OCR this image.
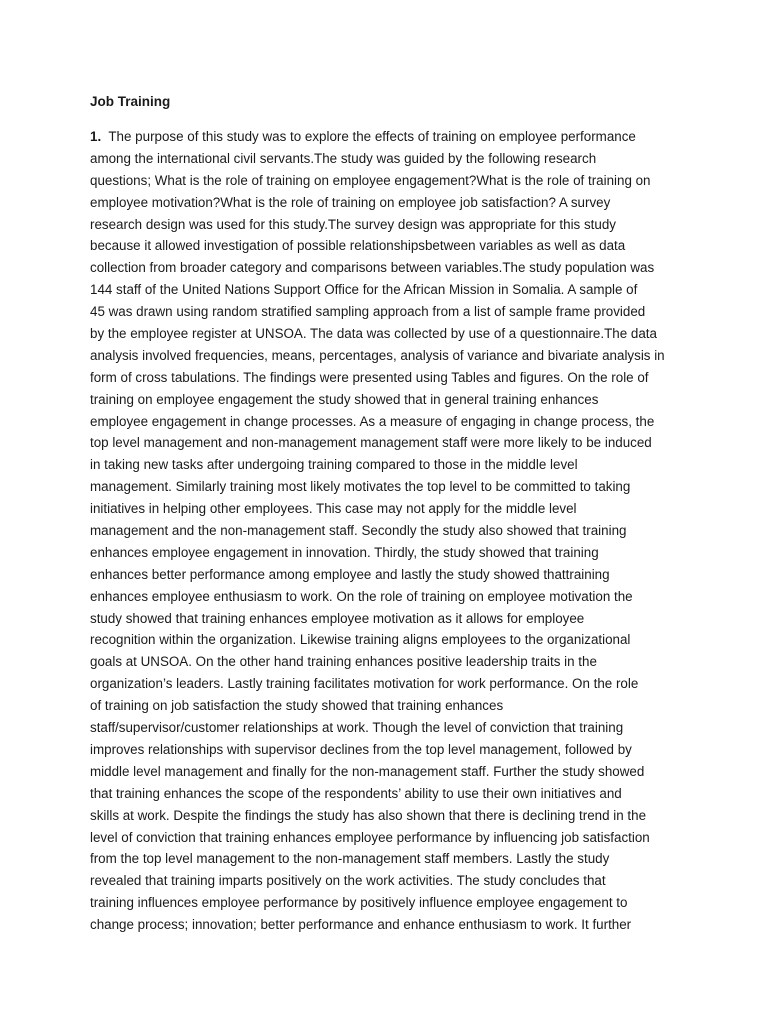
Job Training
1. The purpose of this study was to explore the effects of training on employee performance
among the international civil servants.The study was guided by the following research
questions; What is the role of training on employee engagement?What is the role of training on
employee motivation?What is the role of training on employee job satisfaction? A survey
research design was used for this study.The survey design was appropriate for this study
because it allowed investigation of possible relationshipsbetween variables as well as data
collection from broader category and comparisons between variables.The study population was
144 staff of the United Nations Support Office for the African Mission in Somalia. A sample of
45 was drawn using random stratified sampling approach from a list of sample frame provided
by the employee register at UNSOA. The data was collected by use of a questionnaire.The data
analysis involved frequencies, means, percentages, analysis of variance and bivariate analysis in
form of cross tabulations. The findings were presented using Tables and figures. On the role of
training on employee engagement the study showed that in general training enhances
employee engagement in change processes. As a measure of engaging in change process, the
top level management and non-management management staff were more likely to be induced
in taking new tasks after undergoing training compared to those in the middle level
management. Similarly training most likely motivates the top level to be committed to taking
initiatives in helping other employees. This case may not apply for the middle level
management and the non-management staff. Secondly the study also showed that training
enhances employee engagement in innovation. Thirdly, the study showed that training
enhances better performance among employee and lastly the study showed thattraining
enhances employee enthusiasm to work. On the role of training on employee motivation the
study showed that training enhances employee motivation as it allows for employee
recognition within the organization. Likewise training aligns employees to the organizational
goals at UNSOA. On the other hand training enhances positive leadership traits in the
organization’s leaders. Lastly training facilitates motivation for work performance. On the role
of training on job satisfaction the study showed that training enhances
staff/supervisor/customer relationships at work. Though the level of conviction that training
improves relationships with supervisor declines from the top level management, followed by
middle level management and finally for the non-management staff. Further the study showed
that training enhances the scope of the respondents’ ability to use their own initiatives and
skills at work. Despite the findings the study has also shown that there is declining trend in the
level of conviction that training enhances employee performance by influencing job satisfaction
from the top level management to the non-management staff members. Lastly the study
revealed that training imparts positively on the work activities. The study concludes that
training influences employee performance by positively influence employee engagement to
change process; innovation; better performance and enhance enthusiasm to work. It further
